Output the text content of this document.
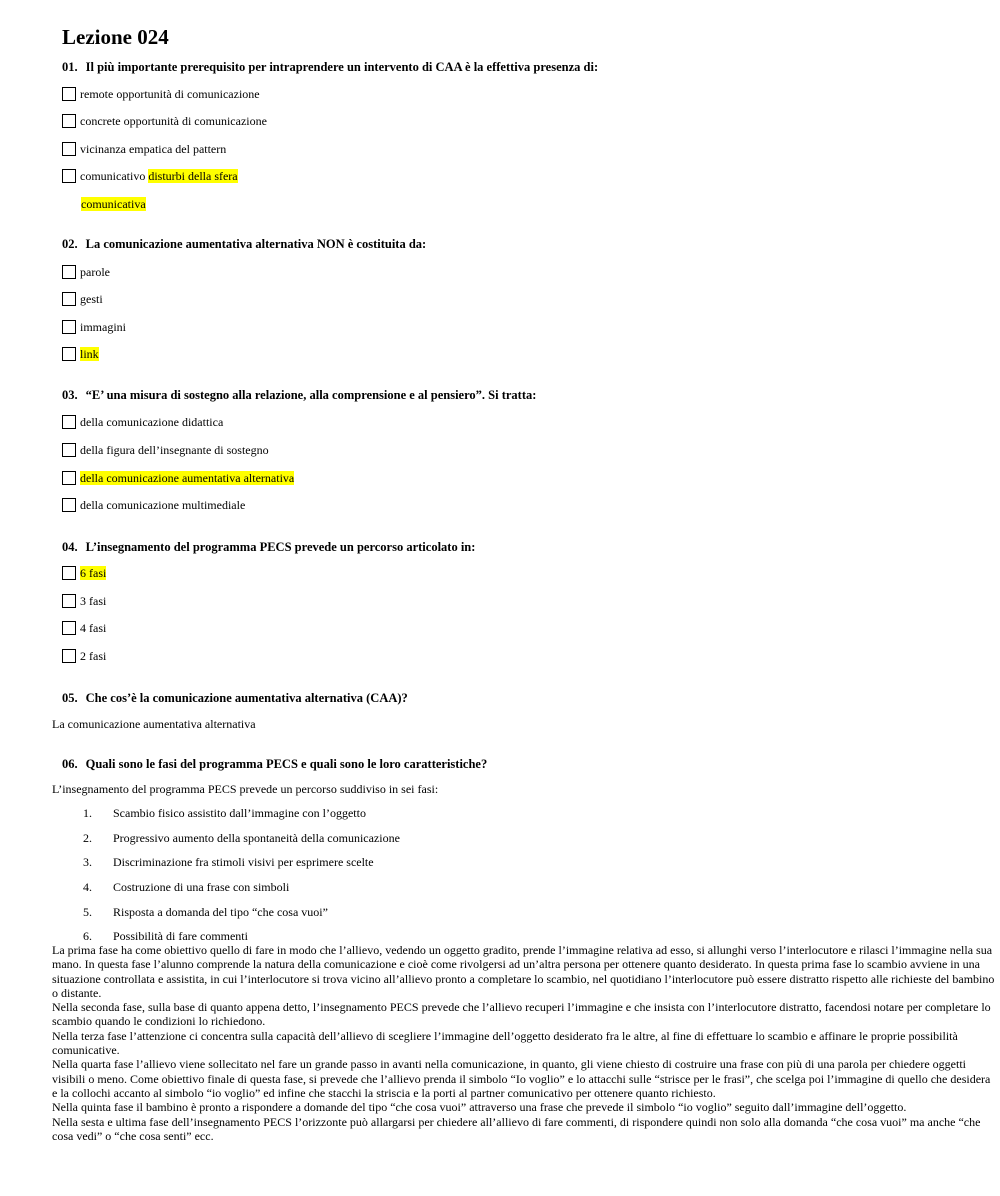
Lezione 024
01. Il più importante prerequisito per intraprendere un intervento di CAA è la effettiva presenza di:
remote opportunità di comunicazione
concrete opportunità di comunicazione
vicinanza empatica del pattern
comunicativo disturbi della sfera
comunicativa
02. La comunicazione aumentativa alternativa NON è costituita da:
parole
gesti
immagini
link
03. “E’ una misura di sostegno alla relazione, alla comprensione e al pensiero”. Si tratta:
della comunicazione didattica
della figura dell’insegnante di sostegno
della comunicazione aumentativa alternativa
della comunicazione multimediale
04. L’insegnamento del programma PECS prevede un percorso articolato in:
6 fasi
3 fasi
4 fasi
2 fasi
05. Che cos’è la comunicazione aumentativa alternativa (CAA)?
La comunicazione aumentativa alternativa
06. Quali sono le fasi del programma PECS e quali sono le loro caratteristiche?
L’insegnamento del programma PECS prevede un percorso suddiviso in sei fasi:
1. Scambio fisico assistito dall’immagine con l’oggetto
2. Progressivo aumento della spontaneità della comunicazione
3. Discriminazione fra stimoli visivi per esprimere scelte
4. Costruzione di una frase con simboli
5. Risposta a domanda del tipo “che cosa vuoi”
6. Possibilità di fare commenti

La prima fase ha come obiettivo quello di fare in modo che l’allievo, vedendo un oggetto gradito, prende l’immagine relativa ad esso, si allunghi verso l’interlocutore e rilasci l’immagine nella sua mano. In questa fase l’alunno comprende la natura della comunicazione e cioè come rivolgersi ad un’altra persona per ottenere quanto desiderato. In questa prima fase lo scambio avviene in una situazione controllata e assistita, in cui l’interlocutore si trova vicino all’allievo pronto a completare lo scambio, nel quotidiano l’interlocutore può essere distratto rispetto alle richieste del bambino o distante.

Nella seconda fase, sulla base di quanto appena detto, l’insegnamento PECS prevede che l’allievo recuperi l’immagine e che insista con l’interlocutore distratto, facendosi notare per completare lo scambio quando le condizioni lo richiedono.

Nella terza fase l’attenzione ci concentra sulla capacità dell’allievo di scegliere l’immagine dell’oggetto desiderato fra le altre, al fine di effettuare lo scambio e affinare le proprie possibilità comunicative.

Nella quarta fase l’allievo viene sollecitato nel fare un grande passo in avanti nella comunicazione, in quanto, gli viene chiesto di costruire una frase con più di una parola per chiedere oggetti visibili o meno. Come obiettivo finale di questa fase, si prevede che l’allievo prenda il simbolo “Io voglio” e lo attacchi sulle “strisce per le frasi”, che scelga poi l’immagine di quello che desidera e la collochi accanto al simbolo “io voglio” ed infine che stacchi la striscia e la porti al partner comunicativo per ottenere quanto richiesto.

Nella quinta fase il bambino è pronto a rispondere a domande del tipo “che cosa vuoi” attraverso una frase che prevede il simbolo “io voglio” seguito dall’immagine dell’oggetto.

Nella sesta e ultima fase dell’insegnamento PECS l’orizzonte può allargarsi per chiedere all’allievo di fare commenti, di rispondere quindi non solo alla domanda “che cosa vuoi” ma anche “che cosa vedi” o “che cosa senti” ecc.
